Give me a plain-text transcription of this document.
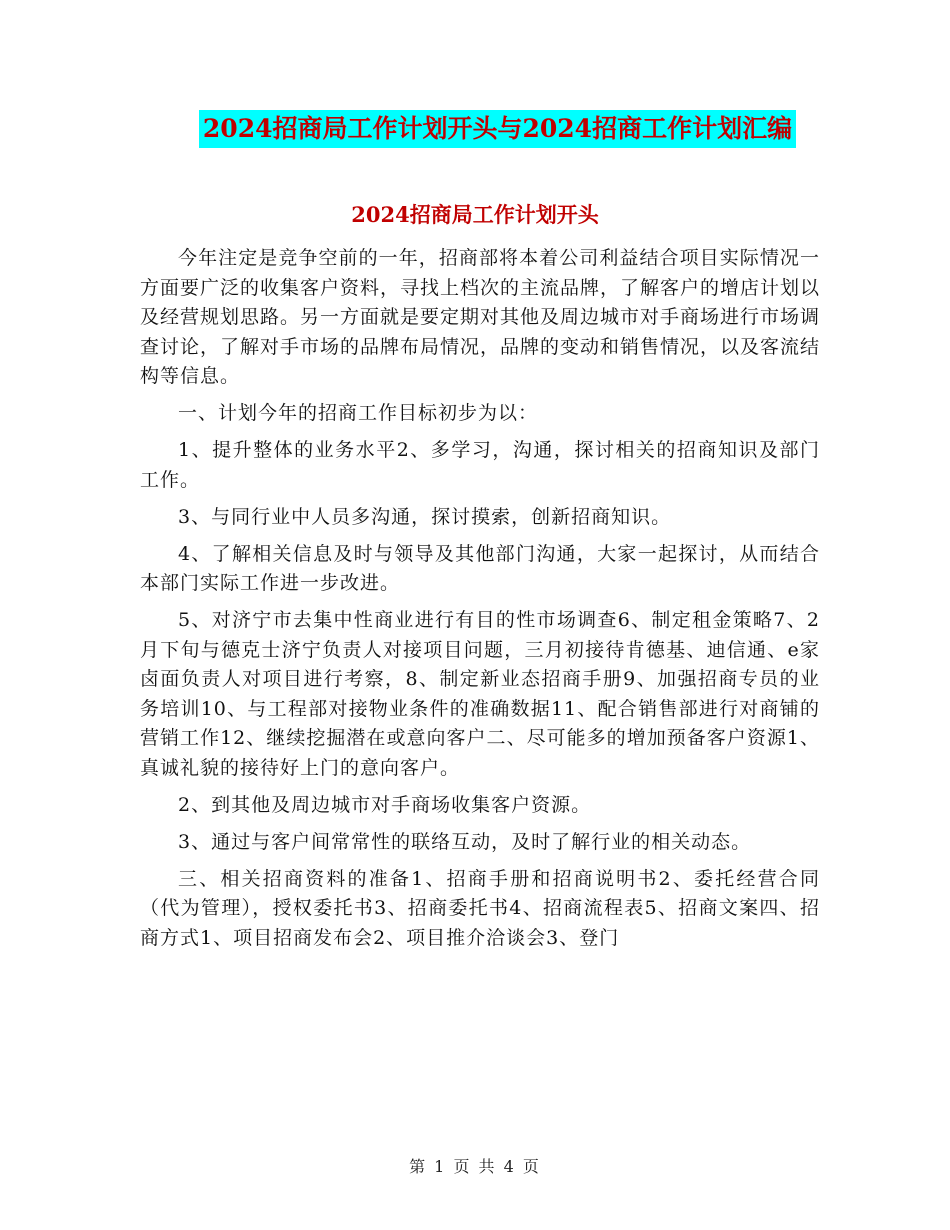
2024招商局工作计划开头与2024招商工作计划汇编
2024招商局工作计划开头

今年注定是竞争空前的一年，招商部将本着公司利益结合项目实际情况一方面要广泛的收集客户资料，寻找上档次的主流品牌，了解客户的增店计划以及经营规划思路。另一方面就是要定期对其他及周边城市对手商场进行市场调查讨论，了解对手市场的品牌布局情况，品牌的变动和销售情况，以及客流结构等信息。

一、计划今年的招商工作目标初步为以：

1、提升整体的业务水平2、多学习，沟通，探讨相关的招商知识及部门工作。

3、与同行业中人员多沟通，探讨摸索，创新招商知识。

4、了解相关信息及时与领导及其他部门沟通，大家一起探讨，从而结合本部门实际工作进一步改进。

5、对济宁市去集中性商业进行有目的性市场调查6、制定租金策略7、2月下旬与德克士济宁负责人对接项目问题，三月初接待肯德基、迪信通、e家卤面负责人对项目进行考察，8、制定新业态招商手册9、加强招商专员的业务培训10、与工程部对接物业条件的准确数据11、配合销售部进行对商铺的营销工作12、继续挖掘潜在或意向客户二、尽可能多的增加预备客户资源1、真诚礼貌的接待好上门的意向客户。

2、到其他及周边城市对手商场收集客户资源。

3、通过与客户间常常性的联络互动，及时了解行业的相关动态。

三、相关招商资料的准备1、招商手册和招商说明书2、委托经营合同（代为管理），授权委托书3、招商委托书4、招商流程表5、招商文案四、招商方式1、项目招商发布会2、项目推介洽谈会3、登门

第 1 页 共 4 页
